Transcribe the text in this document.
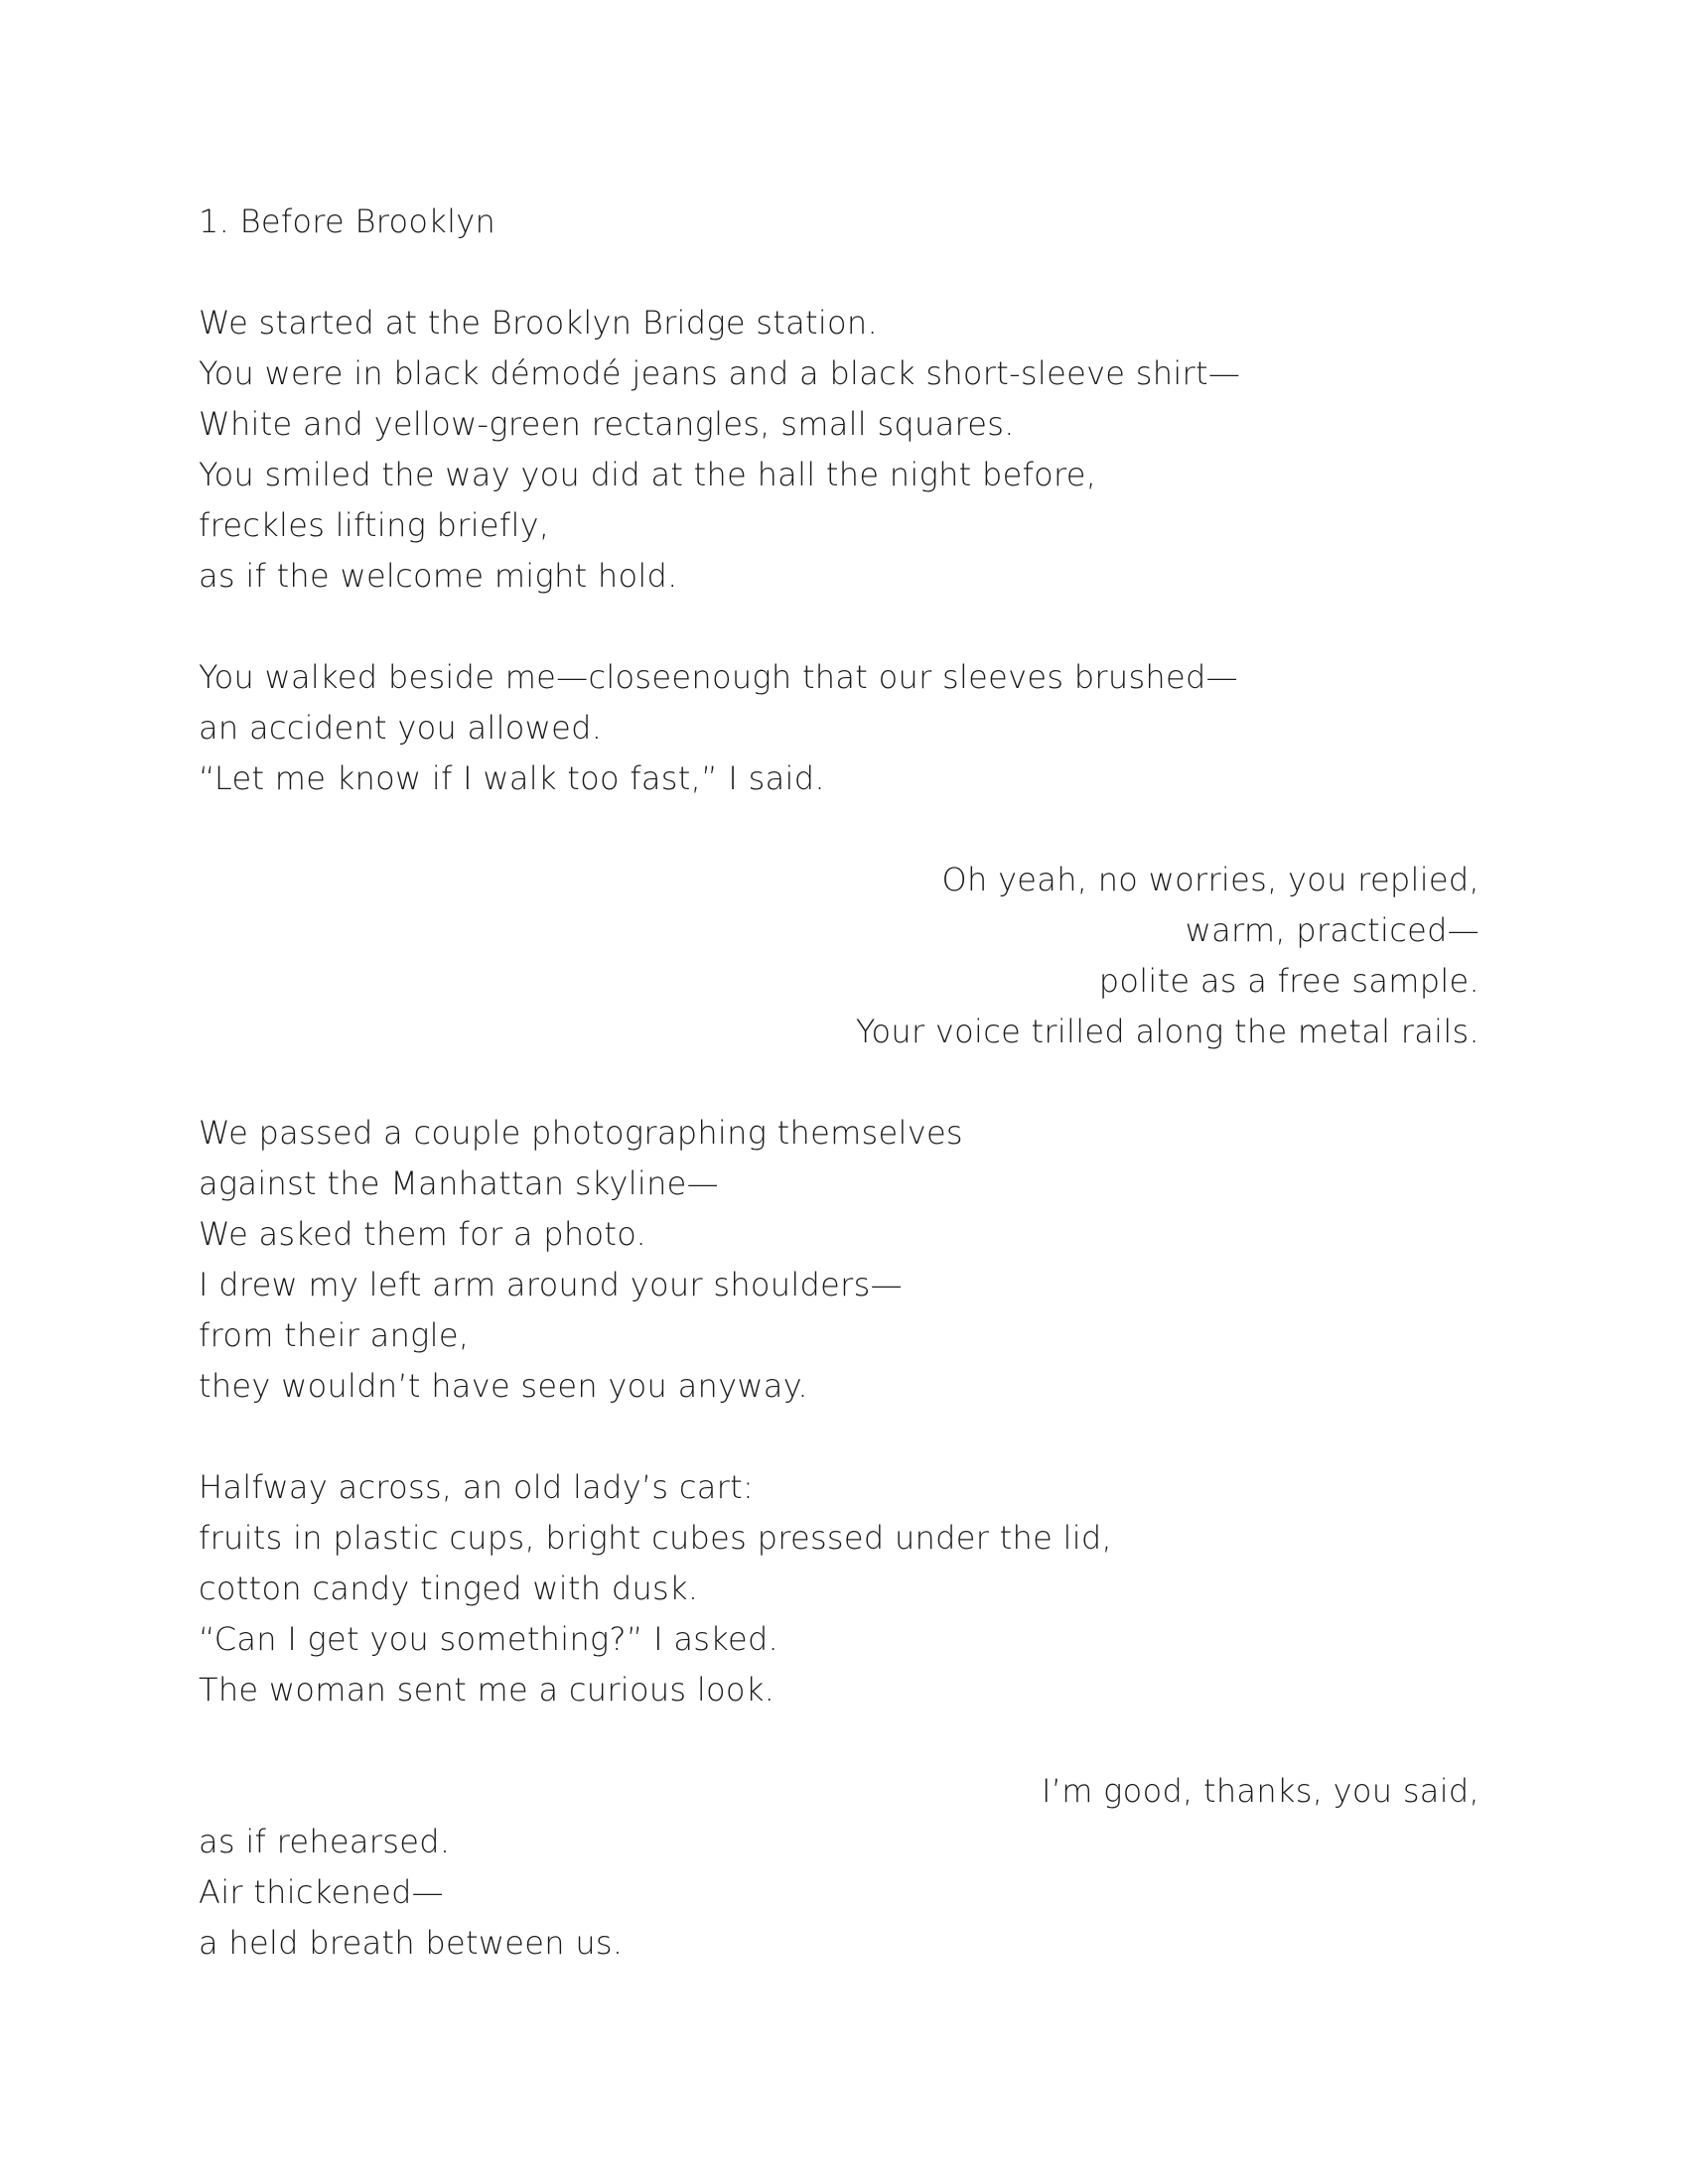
1. Before Brooklyn
We started at the Brooklyn Bridge station.
You were in black démodé jeans and a black short-sleeve shirt—
White and yellow-green rectangles, small squares.
You smiled the way you did at the hall the night before,
freckles lifting briefly,
as if the welcome might hold.
You walked beside me—closeenough that our sleeves brushed—
an accident you allowed.
“Let me know if I walk too fast,” I said.
Oh yeah, no worries, you replied,
warm, practiced—
polite as a free sample.
Your voice trilled along the metal rails.
We passed a couple photographing themselves
against the Manhattan skyline—
We asked them for a photo.
I drew my left arm around your shoulders—
from their angle,
they wouldn’t have seen you anyway.
Halfway across, an old lady’s cart:
fruits in plastic cups, bright cubes pressed under the lid,
cotton candy tinged with dusk.
“Can I get you something?” I asked.
The woman sent me a curious look.
I’m good, thanks, you said,
as if rehearsed.
Air thickened—
a held breath between us.
